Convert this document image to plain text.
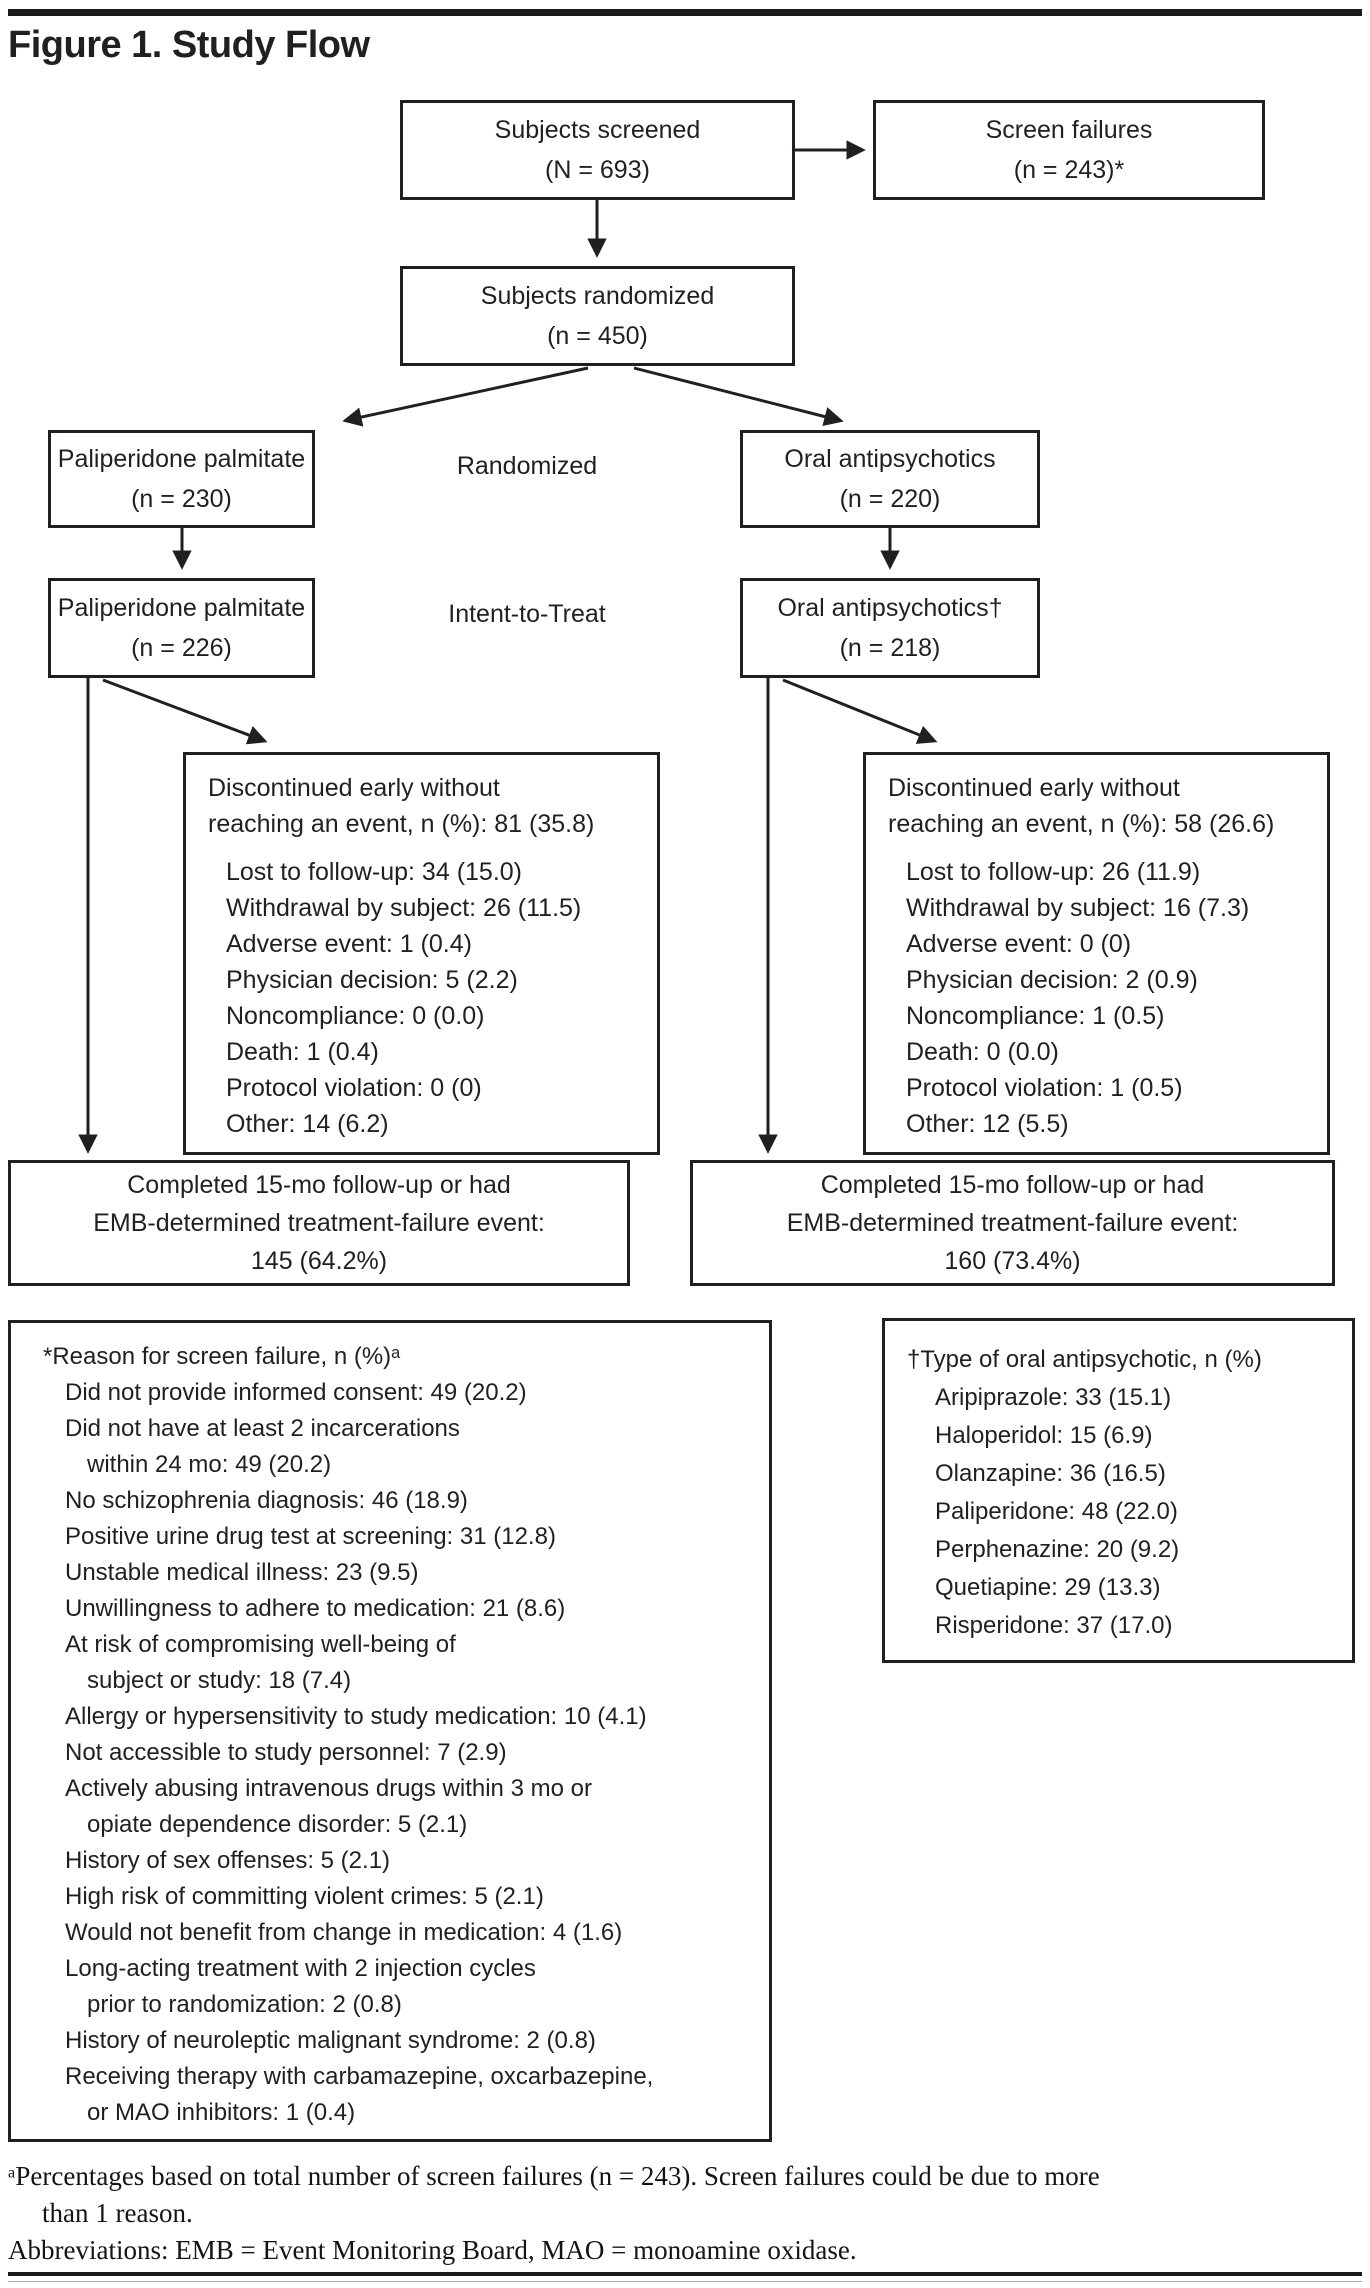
Figure 1. Study Flow
Subjects screened
(N = 693)
Screen failures
(n = 243)*
Subjects randomized
(n = 450)
Paliperidone palmitate
(n = 230)
Randomized	Oral antipsychotics
(n = 220)
Paliperidone palmitate
(n = 226)
Intent-to-Treat	Oral antipsychotics†
(n = 218)
Discontinued early without
reaching an event, n (%): 81 (35.8)
Lost to follow-up: 34 (15.0)
Withdrawal by subject: 26 (11.5)
Adverse event: 1 (0.4)
Physician decision: 5 (2.2)
Noncompliance: 0 (0.0)
Death: 1 (0.4)
Protocol violation: 0 (0)
Other: 14 (6.2)
Discontinued early without
reaching an event, n (%): 58 (26.6)
Lost to follow-up: 26 (11.9)
Withdrawal by subject: 16 (7.3)
Adverse event: 0 (0)
Physician decision: 2 (0.9)
Noncompliance: 1 (0.5)
Death: 0 (0.0)
Protocol violation: 1 (0.5)
Other: 12 (5.5)
Completed 15-mo follow-up or had
EMB-determined treatment-failure event:
145 (64.2%)
Completed 15-mo follow-up or had
EMB-determined treatment-failure event:
160 (73.4%)
*Reason for screen failure, n (%)ᵃ
Did not provide informed consent: 49 (20.2)
Did not have at least 2 incarcerations
within 24 mo: 49 (20.2)
No schizophrenia diagnosis: 46 (18.9)
Positive urine drug test at screening: 31 (12.8)
Unstable medical illness: 23 (9.5)
Unwillingness to adhere to medication: 21 (8.6)
At risk of compromising well-being of
subject or study: 18 (7.4)
Allergy or hypersensitivity to study medication: 10 (4.1)
Not accessible to study personnel: 7 (2.9)
Actively abusing intravenous drugs within 3 mo or
opiate dependence disorder: 5 (2.1)
History of sex offenses: 5 (2.1)
High risk of committing violent crimes: 5 (2.1)
Would not benefit from change in medication: 4 (1.6)
Long-acting treatment with 2 injection cycles
prior to randomization: 2 (0.8)
History of neuroleptic malignant syndrome: 2 (0.8)
Receiving therapy with carbamazepine, oxcarbazepine,
or MAO inhibitors: 1 (0.4)
†Type of oral antipsychotic, n (%)
Aripiprazole: 33 (15.1)
Haloperidol: 15 (6.9)
Olanzapine: 36 (16.5)
Paliperidone: 48 (22.0)
Perphenazine: 20 (9.2)
Quetiapine: 29 (13.3)
Risperidone: 37 (17.0)
ᵃPercentages based on total number of screen failures (n = 243). Screen failures could be due to more
than 1 reason.
Abbreviations: EMB = Event Monitoring Board, MAO = monoamine oxidase.
